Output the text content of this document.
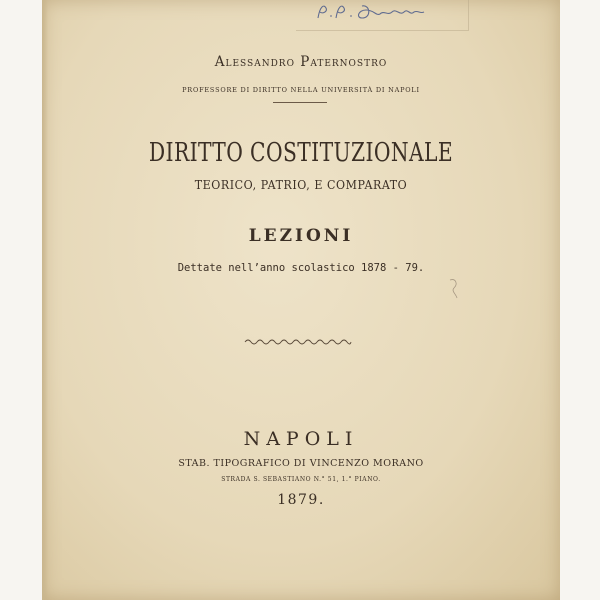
Alessandro Paternostro
PROFESSORE DI DIRITTO NELLA UNIVERSITÀ DI NAPOLI
DIRITTO COSTITUZIONALE
TEORICO, PATRIO, E COMPARATO
LEZIONI
Dettate nell’anno scolastico 1878 - 79.
NAPOLI
STAB. TIPOGRAFICO DI VINCENZO MORANO
STRADA S. SEBASTIANO N.° 51, 1.° PIANO.
1879.
